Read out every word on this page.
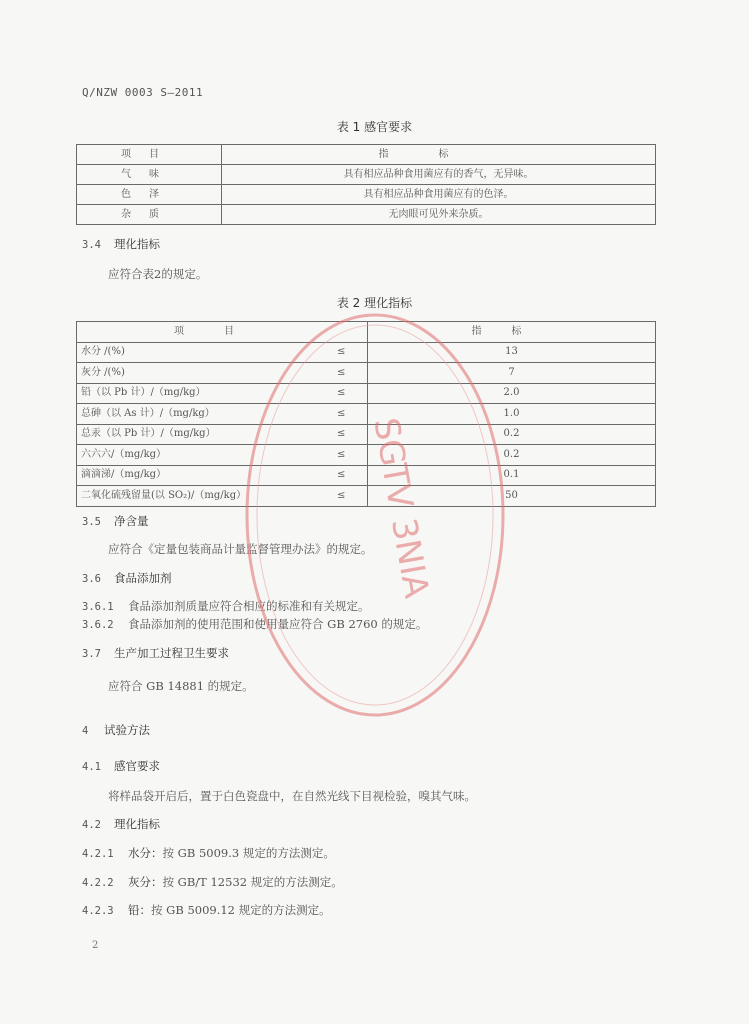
Q/NZW 0003 S—2011
表 1 感官要求
项目	指标
气味	具有相应品种食用菌应有的香气，无异味。
色泽	具有相应品种食用菌应有的色泽。
杂质	无肉眼可见外来杂质。
3.4 理化指标
应符合表2的规定。
表 2 理化指标
项目		指标
水分 /(%)	≤	13
灰分 /(%)	≤	7
铅（以 Pb 计）/（mg/kg）	≤	2.0
总砷（以 As 计）/（mg/kg）	≤	1.0
总汞（以 Pb 计）/（mg/kg）	≤	0.2
六六六/（mg/kg）	≤	0.2
滴滴涕/（mg/kg）	≤	0.1
二氧化硫残留量(以 SO₂)/（mg/kg）	≤	50
3.5 净含量
应符合《定量包装商品计量监督管理办法》的规定。
3.6 食品添加剂
3.6.1 食品添加剂质量应符合相应的标准和有关规定。
3.6.2 食品添加剂的使用范围和使用量应符合 GB 2760 的规定。
3.7 生产加工过程卫生要求
应符合 GB 14881 的规定。
4 试验方法
4.1 感官要求
将样品袋开启后，置于白色瓷盘中，在自然光线下目视检验，嗅其气味。
4.2 理化指标
4.2.1 水分：按 GB 5009.3 规定的方法测定。
4.2.2 灰分：按 GB/T 12532 规定的方法测定。
4.2.3 铅：按 GB 5009.12 规定的方法测定。
2
SGTV 3NIA
